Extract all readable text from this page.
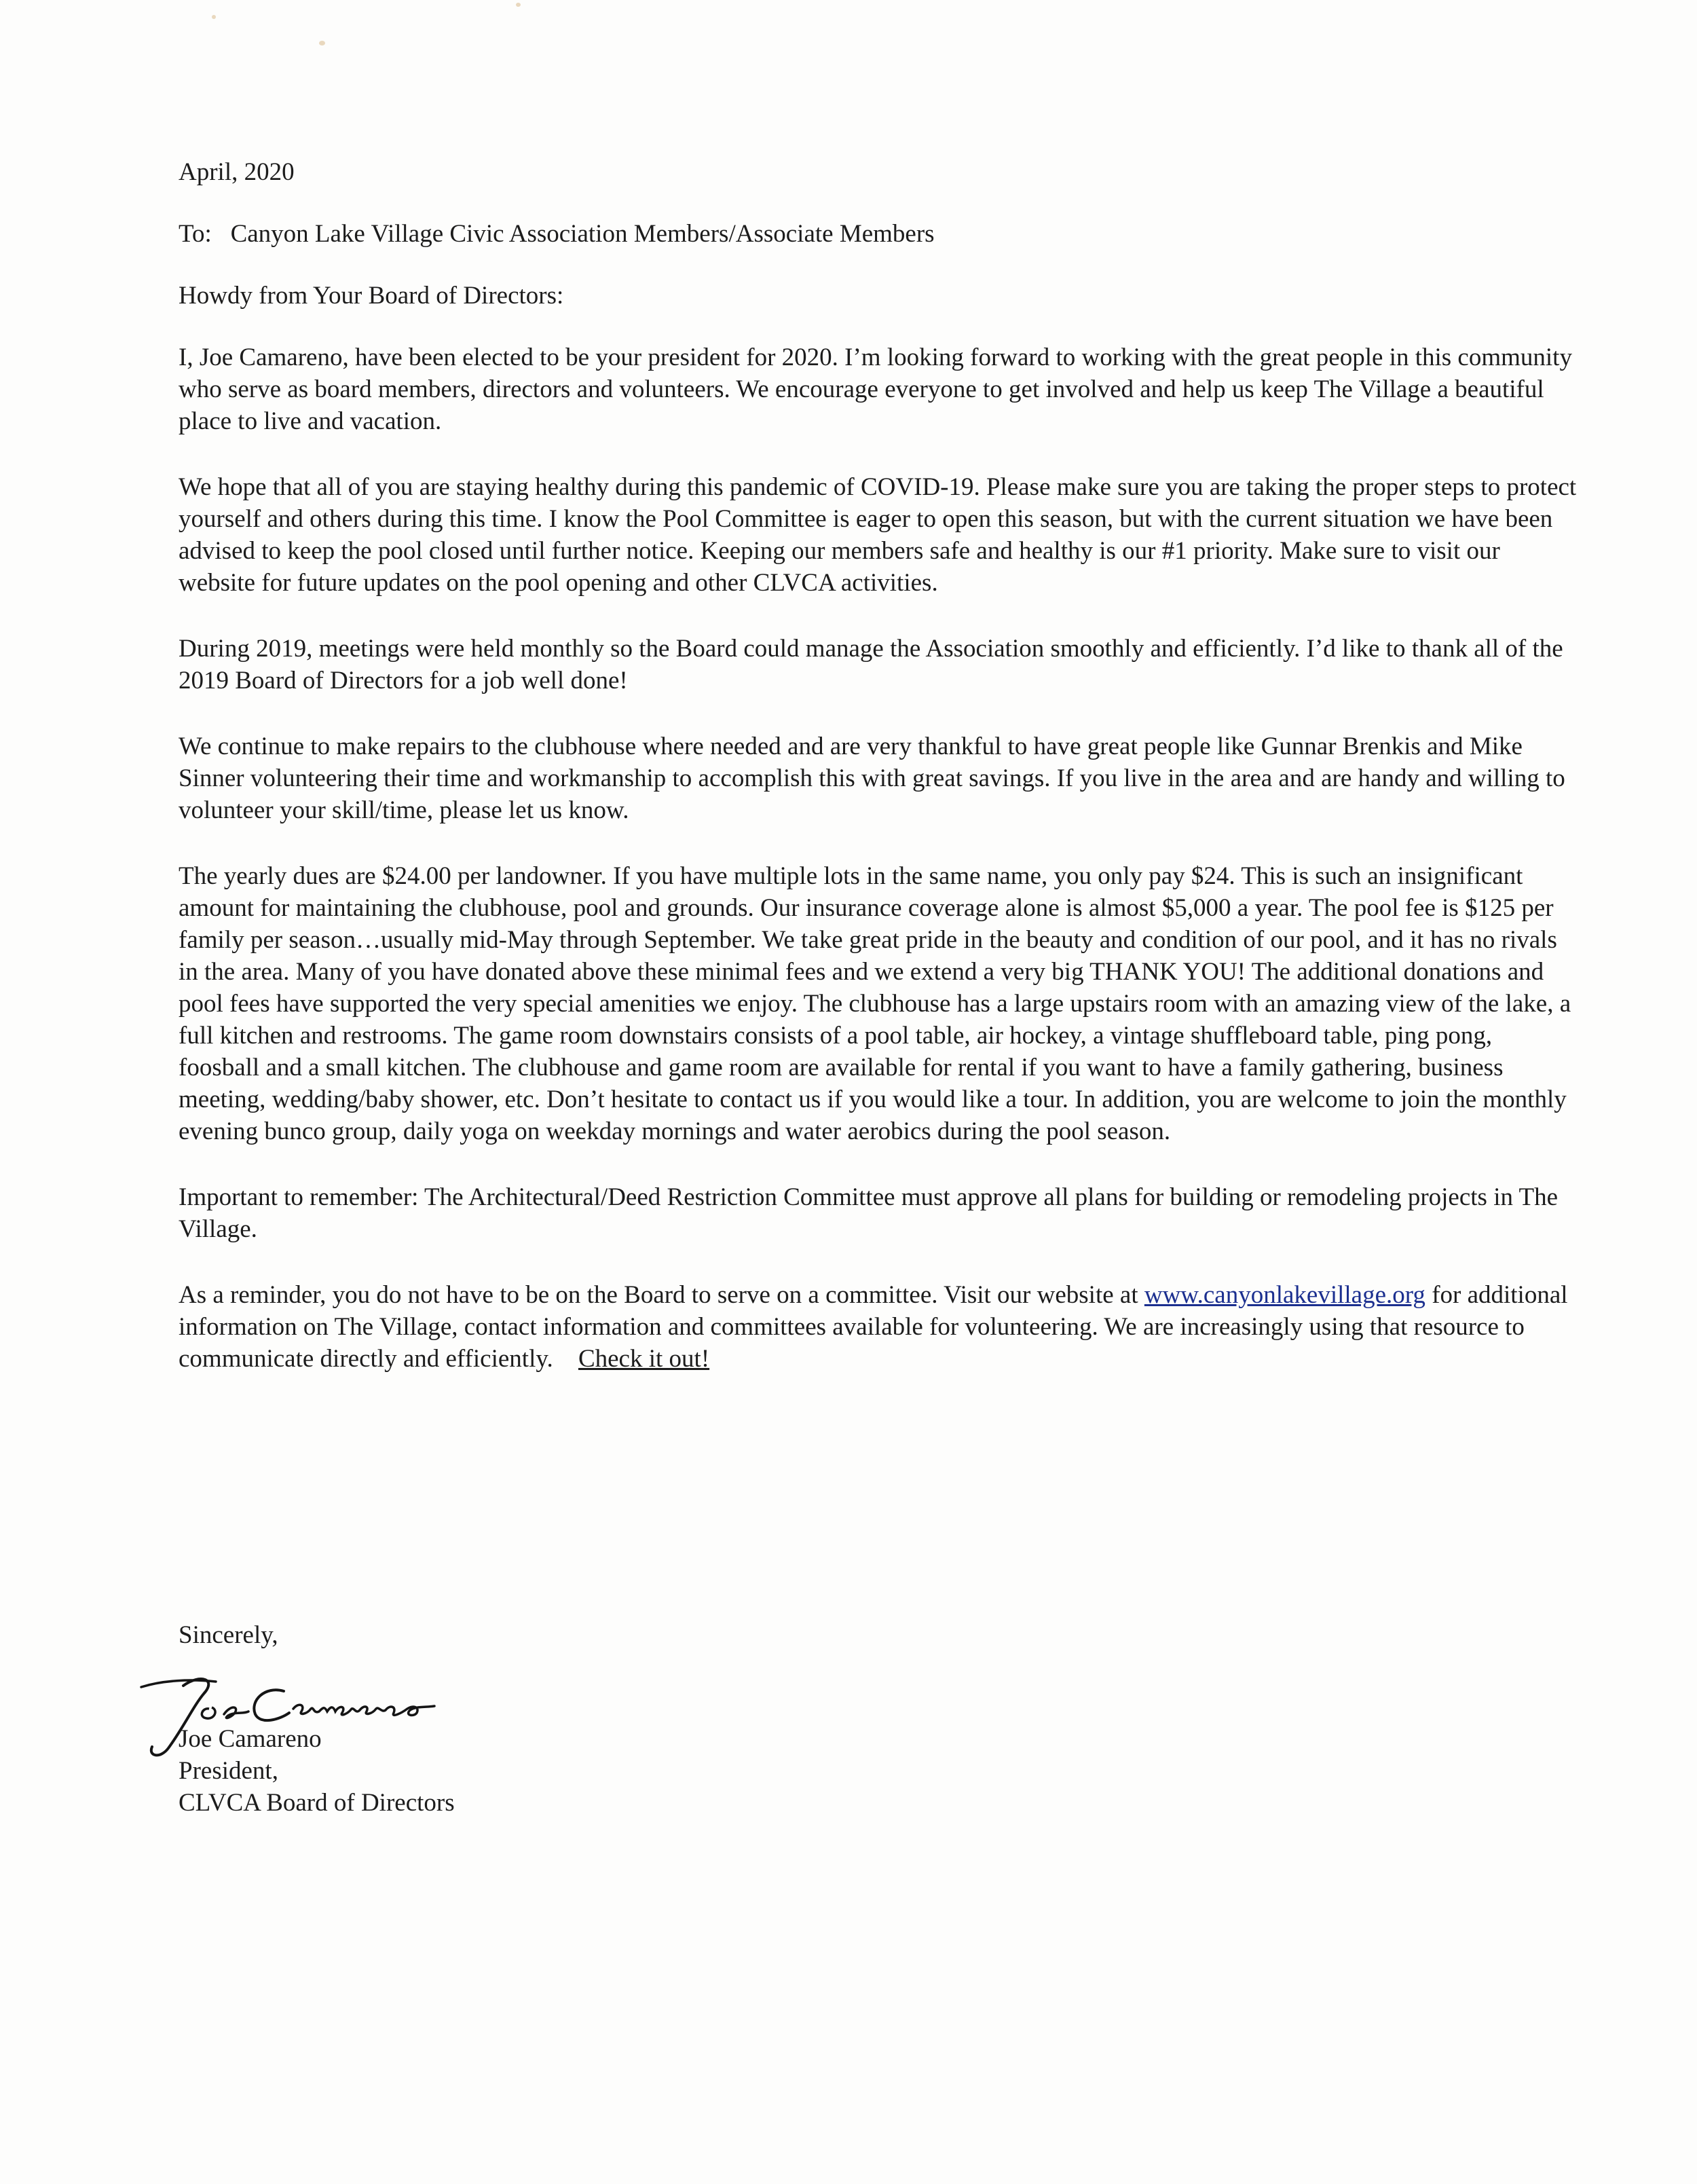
April, 2020

To: Canyon Lake Village Civic Association Members/Associate Members

Howdy from Your Board of Directors:

I, Joe Camareno, have been elected to be your president for 2020. I’m looking forward to working with the great people in this community who serve as board members, directors and volunteers. We encourage everyone to get involved and help us keep The Village a beautiful place to live and vacation.

We hope that all of you are staying healthy during this pandemic of COVID-19. Please make sure you are taking the proper steps to protect yourself and others during this time. I know the Pool Committee is eager to open this season, but with the current situation we have been advised to keep the pool closed until further notice. Keeping our members safe and healthy is our #1 priority. Make sure to visit our website for future updates on the pool opening and other CLVCA activities.

During 2019, meetings were held monthly so the Board could manage the Association smoothly and efficiently. I’d like to thank all of the 2019 Board of Directors for a job well done!

We continue to make repairs to the clubhouse where needed and are very thankful to have great people like Gunnar Brenkis and Mike Sinner volunteering their time and workmanship to accomplish this with great savings. If you live in the area and are handy and willing to volunteer your skill/time, please let us know.

The yearly dues are $24.00 per landowner. If you have multiple lots in the same name, you only pay $24. This is such an insignificant amount for maintaining the clubhouse, pool and grounds. Our insurance coverage alone is almost $5,000 a year. The pool fee is $125 per family per season…usually mid-May through September. We take great pride in the beauty and condition of our pool, and it has no rivals in the area. Many of you have donated above these minimal fees and we extend a very big THANK YOU! The additional donations and pool fees have supported the very special amenities we enjoy. The clubhouse has a large upstairs room with an amazing view of the lake, a full kitchen and restrooms. The game room downstairs consists of a pool table, air hockey, a vintage shuffleboard table, ping pong, foosball and a small kitchen. The clubhouse and game room are available for rental if you want to have a family gathering, business meeting, wedding/baby shower, etc. Don’t hesitate to contact us if you would like a tour. In addition, you are welcome to join the monthly evening bunco group, daily yoga on weekday mornings and water aerobics during the pool season.

Important to remember: The Architectural/Deed Restriction Committee must approve all plans for building or remodeling projects in The Village.

As a reminder, you do not have to be on the Board to serve on a committee. Visit our website at www.canyonlakevillage.org for additional information on The Village, contact information and committees available for volunteering. We are increasingly using that resource to communicate directly and efficiently. Check it out!

Sincerely,
Joe Camareno
President,
CLVCA Board of Directors
